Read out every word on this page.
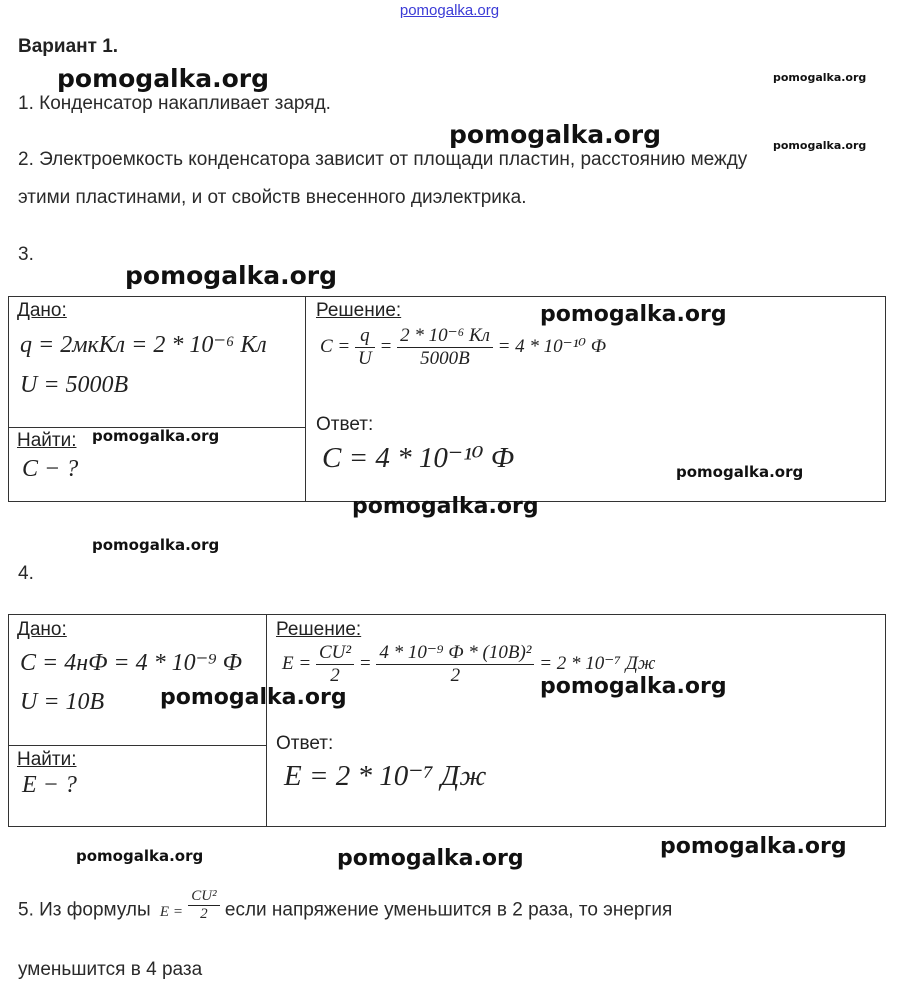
pomogalka.org
Вариант 1.
pomogalka.org	pomogalka.org
pomogalka.org	pomogalka.org
pomogalka.org
1. Конденсатор накапливает заряд.
2. Электроемкость конденсатора зависит от площади пластин, расстоянию между
этими пластинами, и от свойств внесенного диэлектрика.
3.
Дано:
q = 2мкКл = 2 * 10⁻⁶ Кл
U = 5000В
Найти:
C − ?
Решение:
$C = \frac{q}{U} = \frac{\text{2 * 10⁻⁶ Кл}}{5000В} = 4 * 10^{-10}$ Ф
Ответ:
C = 4 * 10⁻¹⁰ Ф
pomogalka.org
pomogalka.org
pomogalka.org
pomogalka.org
pomogalka.org
4.
Дано:
C = 4нФ = 4 * 10⁻⁹ Ф
U = 10B
Найти:
E − ?
Решение:
$E = \frac{\text{CU²}}{2} = \frac{\text{4 * 10⁻⁹ Ф * (10В)²}}{2} = 2 * 10^{-7}$ Дж
Ответ:
E = 2 * 10⁻⁷ Дж
pomogalka.org	pomogalka.org
pomogalka.org	pomogalka.org	pomogalka.org
5. Из формулы $E = \frac{\text{CU²}}{2}$ если напряжение уменьшится в 2 раза, то энергия
уменьшится в 4 раза
